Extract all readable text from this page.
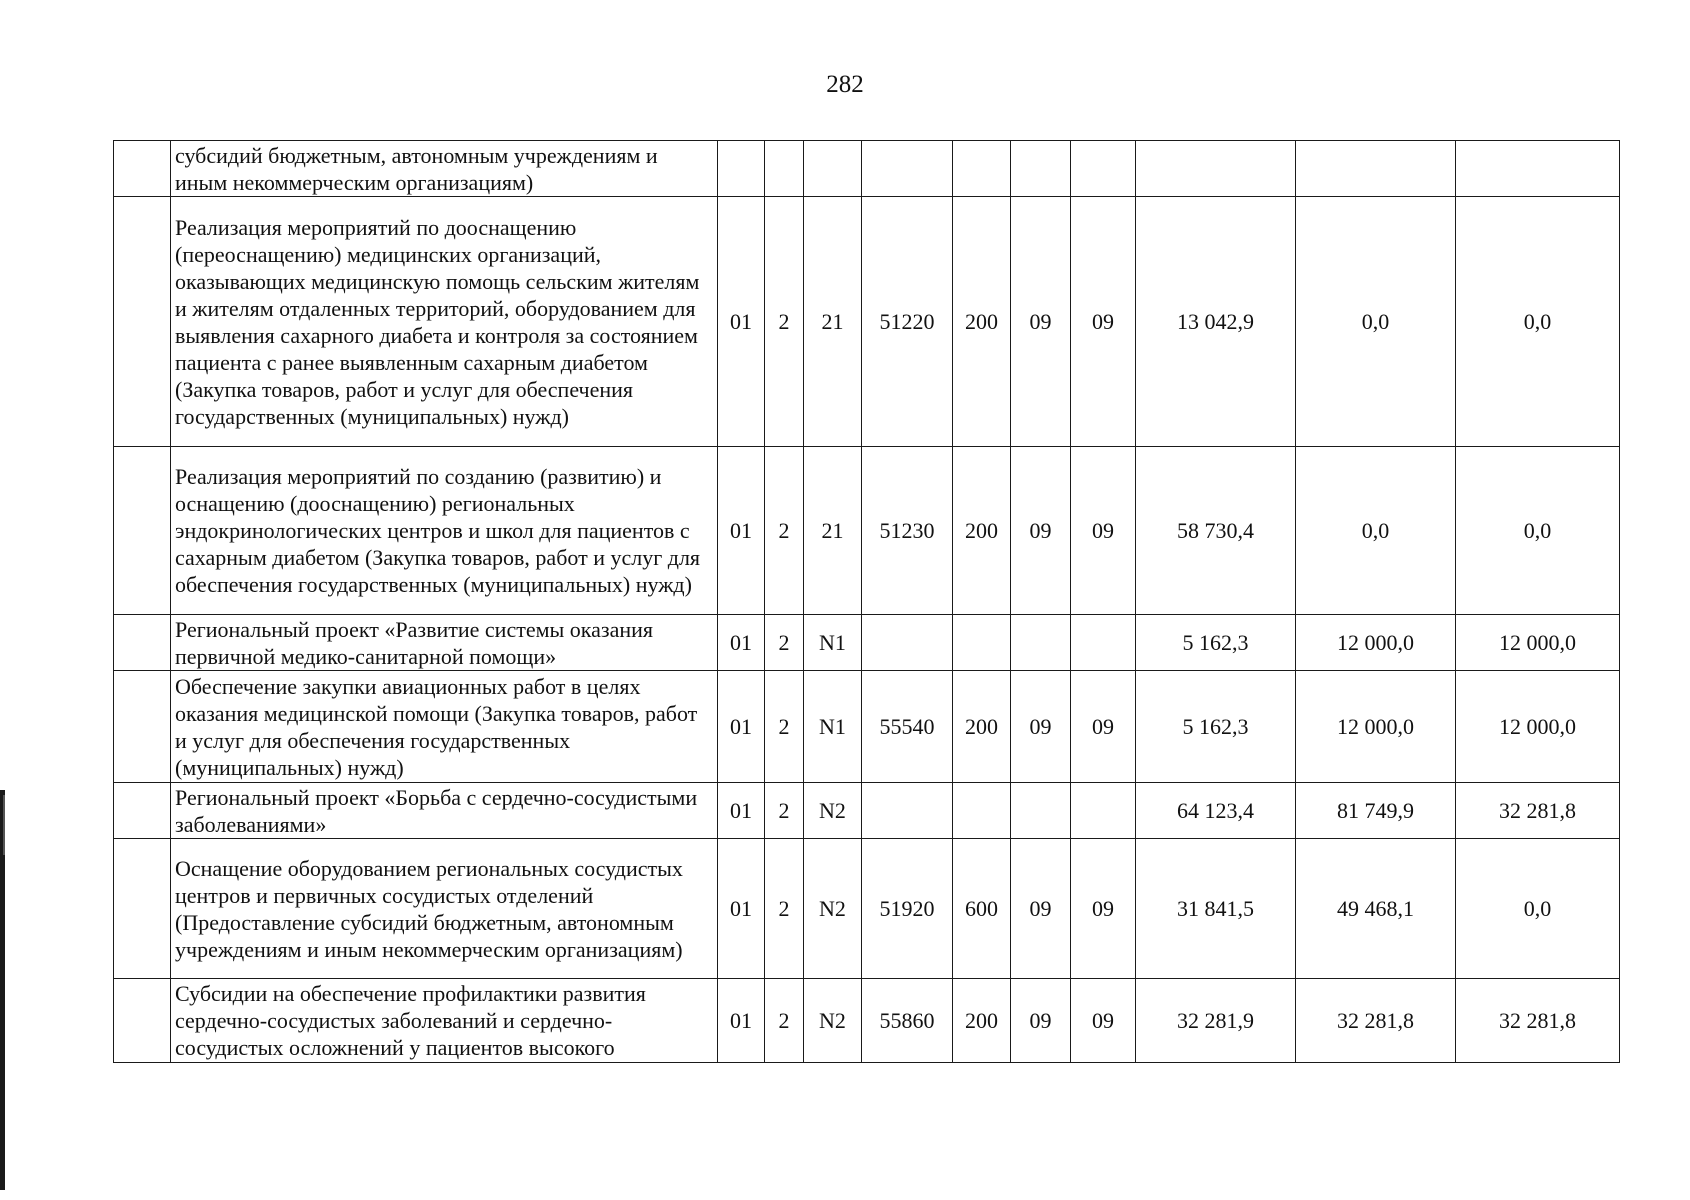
282
	субсидий бюджетным, автономным учреждениям и иным некоммерческим организациям)										
	Реализация мероприятий по дооснащению (переоснащению) медицинских организаций, оказывающих медицинскую помощь сельским жителям и жителям отдаленных территорий, оборудованием для выявления сахарного диабета и контроля за состоянием пациента с ранее выявленным сахарным диабетом (Закупка товаров, работ и услуг для обеспечения государственных (муниципальных) нужд)	01	2	21	51220	200	09	09	13 042,9	0,0	0,0
	Реализация мероприятий по созданию (развитию) и оснащению (дооснащению) региональных эндокринологических центров и школ для пациентов с сахарным диабетом (Закупка товаров, работ и услуг для обеспечения государственных (муниципальных) нужд)	01	2	21	51230	200	09	09	58 730,4	0,0	0,0
	Региональный проект «Развитие системы оказания первичной медико-санитарной помощи»	01	2	N1					5 162,3	12 000,0	12 000,0
	Обеспечение закупки авиационных работ в целях оказания медицинской помощи (Закупка товаров, работ и услуг для обеспечения государственных (муниципальных) нужд)	01	2	N1	55540	200	09	09	5 162,3	12 000,0	12 000,0
	Региональный проект «Борьба с сердечно-сосудистыми заболеваниями»	01	2	N2					64 123,4	81 749,9	32 281,8
	Оснащение оборудованием региональных сосудистых центров и первичных сосудистых отделений (Предоставление субсидий бюджетным, автономным учреждениям и иным некоммерческим организациям)	01	2	N2	51920	600	09	09	31 841,5	49 468,1	0,0
	Субсидии на обеспечение профилактики развития сердечно-сосудистых заболеваний и сердечно-сосудистых осложнений у пациентов высокого	01	2	N2	55860	200	09	09	32 281,9	32 281,8	32 281,8
